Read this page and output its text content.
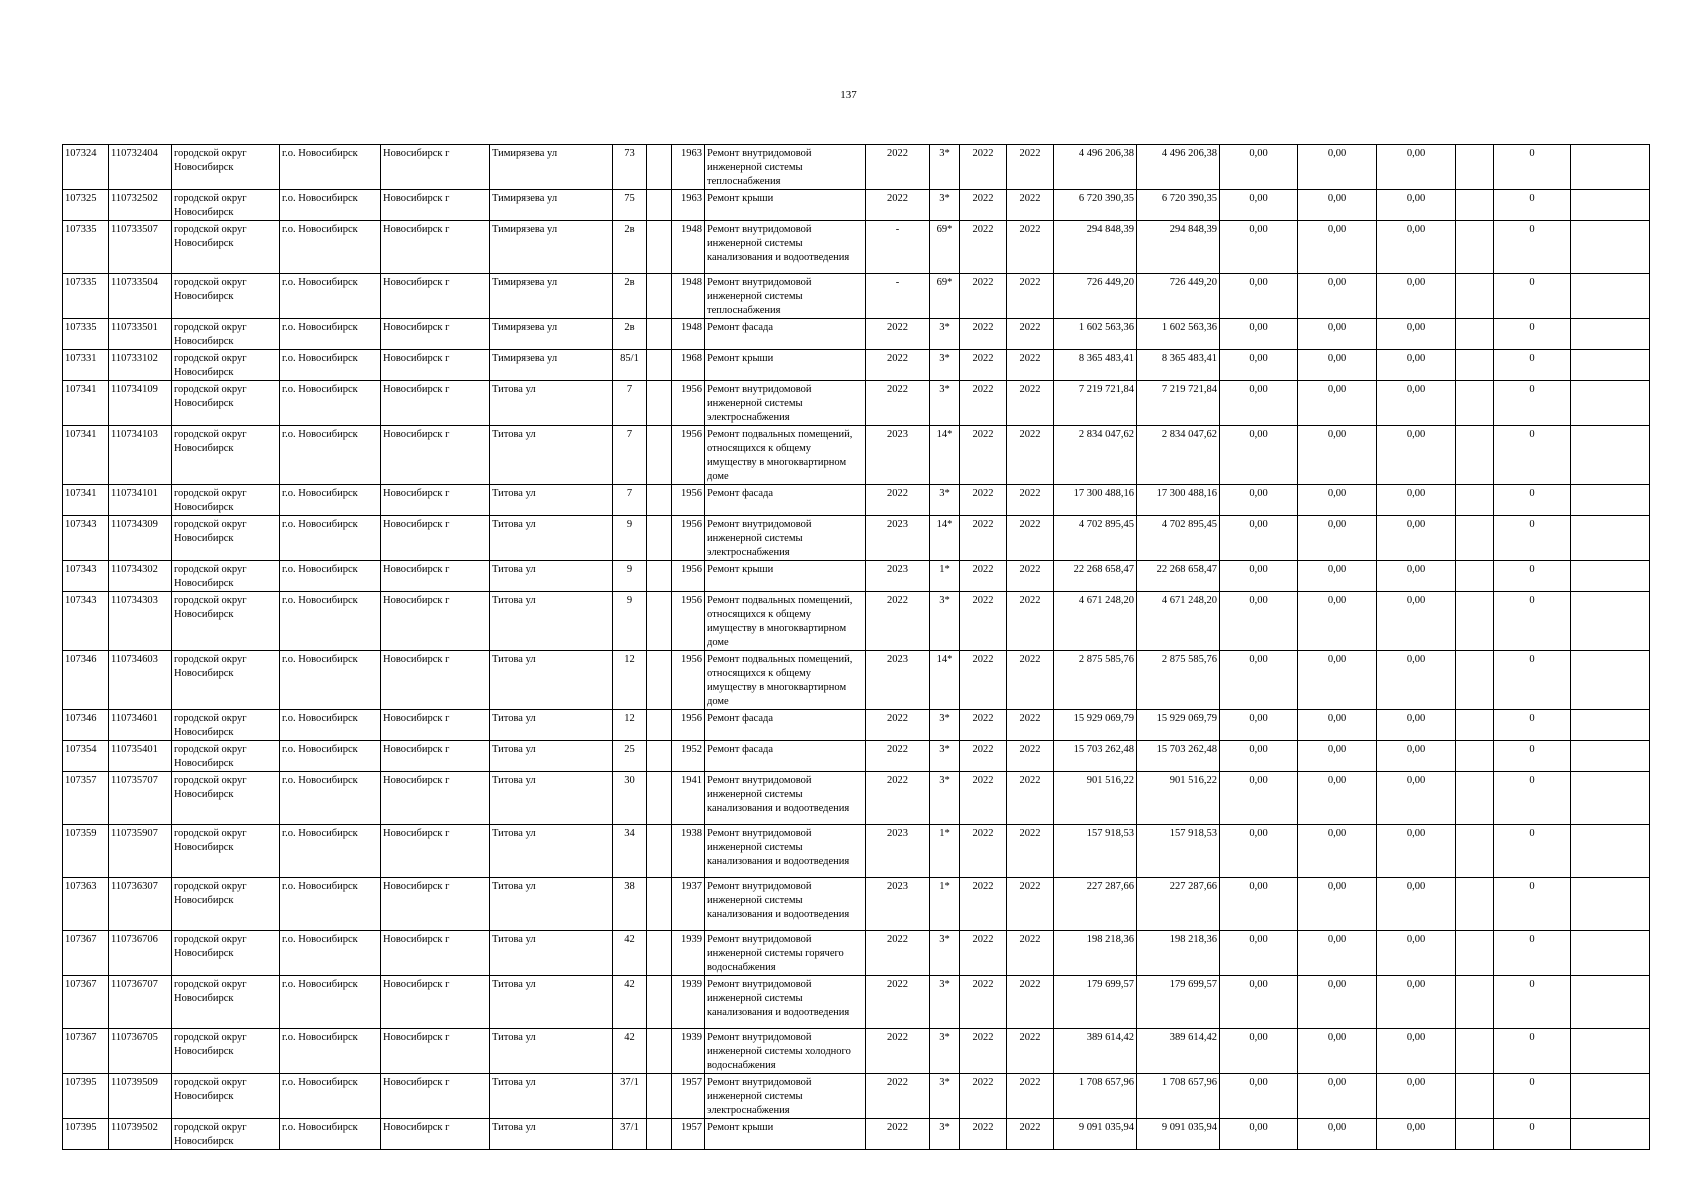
137
107324	110732404	городской округ Новосибирск	г.о. Новосибирск	Новосибирск г	Тимирязева ул	73		1963	Ремонт внутридомовой инженерной системы теплоснабжения	2022	3*	2022	2022	4 496 206,38	4 496 206,38	0,00	0,00	0,00		0	
107325	110732502	городской округ Новосибирск	г.о. Новосибирск	Новосибирск г	Тимирязева ул	75		1963	Ремонт крыши	2022	3*	2022	2022	6 720 390,35	6 720 390,35	0,00	0,00	0,00		0	
107335	110733507	городской округ Новосибирск	г.о. Новосибирск	Новосибирск г	Тимирязева ул	2в		1948	Ремонт внутридомовой инженерной системы канализования и водоотведения	-	69*	2022	2022	294 848,39	294 848,39	0,00	0,00	0,00		0	
107335	110733504	городской округ Новосибирск	г.о. Новосибирск	Новосибирск г	Тимирязева ул	2в		1948	Ремонт внутридомовой инженерной системы теплоснабжения	-	69*	2022	2022	726 449,20	726 449,20	0,00	0,00	0,00		0	
107335	110733501	городской округ Новосибирск	г.о. Новосибирск	Новосибирск г	Тимирязева ул	2в		1948	Ремонт фасада	2022	3*	2022	2022	1 602 563,36	1 602 563,36	0,00	0,00	0,00		0	
107331	110733102	городской округ Новосибирск	г.о. Новосибирск	Новосибирск г	Тимирязева ул	85/1		1968	Ремонт крыши	2022	3*	2022	2022	8 365 483,41	8 365 483,41	0,00	0,00	0,00		0	
107341	110734109	городской округ Новосибирск	г.о. Новосибирск	Новосибирск г	Титова ул	7		1956	Ремонт внутридомовой инженерной системы электроснабжения	2022	3*	2022	2022	7 219 721,84	7 219 721,84	0,00	0,00	0,00		0	
107341	110734103	городской округ Новосибирск	г.о. Новосибирск	Новосибирск г	Титова ул	7		1956	Ремонт подвальных помещений, относящихся к общему имуществу в многоквартирном доме	2023	14*	2022	2022	2 834 047,62	2 834 047,62	0,00	0,00	0,00		0	
107341	110734101	городской округ Новосибирск	г.о. Новосибирск	Новосибирск г	Титова ул	7		1956	Ремонт фасада	2022	3*	2022	2022	17 300 488,16	17 300 488,16	0,00	0,00	0,00		0	
107343	110734309	городской округ Новосибирск	г.о. Новосибирск	Новосибирск г	Титова ул	9		1956	Ремонт внутридомовой инженерной системы электроснабжения	2023	14*	2022	2022	4 702 895,45	4 702 895,45	0,00	0,00	0,00		0	
107343	110734302	городской округ Новосибирск	г.о. Новосибирск	Новосибирск г	Титова ул	9		1956	Ремонт крыши	2023	1*	2022	2022	22 268 658,47	22 268 658,47	0,00	0,00	0,00		0	
107343	110734303	городской округ Новосибирск	г.о. Новосибирск	Новосибирск г	Титова ул	9		1956	Ремонт подвальных помещений, относящихся к общему имуществу в многоквартирном доме	2022	3*	2022	2022	4 671 248,20	4 671 248,20	0,00	0,00	0,00		0	
107346	110734603	городской округ Новосибирск	г.о. Новосибирск	Новосибирск г	Титова ул	12		1956	Ремонт подвальных помещений, относящихся к общему имуществу в многоквартирном доме	2023	14*	2022	2022	2 875 585,76	2 875 585,76	0,00	0,00	0,00		0	
107346	110734601	городской округ Новосибирск	г.о. Новосибирск	Новосибирск г	Титова ул	12		1956	Ремонт фасада	2022	3*	2022	2022	15 929 069,79	15 929 069,79	0,00	0,00	0,00		0	
107354	110735401	городской округ Новосибирск	г.о. Новосибирск	Новосибирск г	Титова ул	25		1952	Ремонт фасада	2022	3*	2022	2022	15 703 262,48	15 703 262,48	0,00	0,00	0,00		0	
107357	110735707	городской округ Новосибирск	г.о. Новосибирск	Новосибирск г	Титова ул	30		1941	Ремонт внутридомовой инженерной системы канализования и водоотведения	2022	3*	2022	2022	901 516,22	901 516,22	0,00	0,00	0,00		0	
107359	110735907	городской округ Новосибирск	г.о. Новосибирск	Новосибирск г	Титова ул	34		1938	Ремонт внутридомовой инженерной системы канализования и водоотведения	2023	1*	2022	2022	157 918,53	157 918,53	0,00	0,00	0,00		0	
107363	110736307	городской округ Новосибирск	г.о. Новосибирск	Новосибирск г	Титова ул	38		1937	Ремонт внутридомовой инженерной системы канализования и водоотведения	2023	1*	2022	2022	227 287,66	227 287,66	0,00	0,00	0,00		0	
107367	110736706	городской округ Новосибирск	г.о. Новосибирск	Новосибирск г	Титова ул	42		1939	Ремонт внутридомовой инженерной системы горячего водоснабжения	2022	3*	2022	2022	198 218,36	198 218,36	0,00	0,00	0,00		0	
107367	110736707	городской округ Новосибирск	г.о. Новосибирск	Новосибирск г	Титова ул	42		1939	Ремонт внутридомовой инженерной системы канализования и водоотведения	2022	3*	2022	2022	179 699,57	179 699,57	0,00	0,00	0,00		0	
107367	110736705	городской округ Новосибирск	г.о. Новосибирск	Новосибирск г	Титова ул	42		1939	Ремонт внутридомовой инженерной системы холодного водоснабжения	2022	3*	2022	2022	389 614,42	389 614,42	0,00	0,00	0,00		0	
107395	110739509	городской округ Новосибирск	г.о. Новосибирск	Новосибирск г	Титова ул	37/1		1957	Ремонт внутридомовой инженерной системы электроснабжения	2022	3*	2022	2022	1 708 657,96	1 708 657,96	0,00	0,00	0,00		0	
107395	110739502	городской округ Новосибирск	г.о. Новосибирск	Новосибирск г	Титова ул	37/1		1957	Ремонт крыши	2022	3*	2022	2022	9 091 035,94	9 091 035,94	0,00	0,00	0,00		0	
